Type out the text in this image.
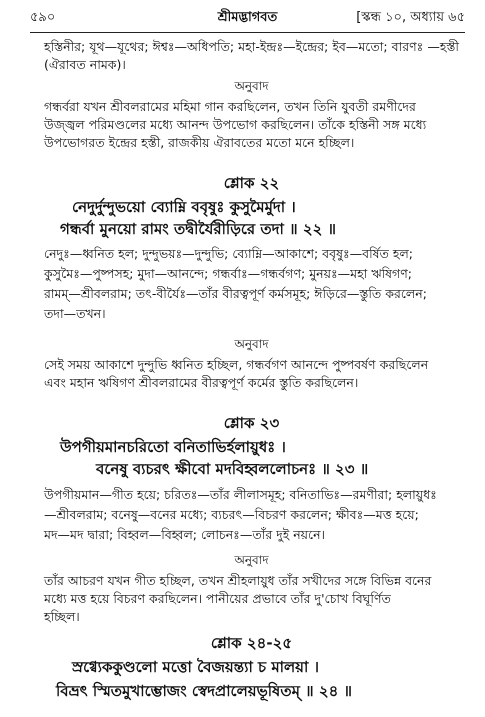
৫৯০	শ্রীমদ্ভাগবত	[স্কন্ধ ১০, অধ্যায় ৬৫

হস্তিনীর; যূথ—যূথের; ঈশ্বঃ—অধিপতি; মহা-ইন্দ্রঃ—ইন্দ্রের; ইব—মতো; বারণঃ —হস্তী (ঐরাবত নামক)।

অনুবাদ

গন্ধর্বরা যখন শ্রীবলরামের মহিমা গান করছিলেন, তখন তিনি যুবতী রমণীদের

উজ্জ্বল পরিমণ্ডলের মধ্যে আনন্দ উপভোগ করছিলেন। তাঁকে হস্তিনী সঙ্গ মধ্যে

উপভোগরত ইন্দ্রের হস্তী, রাজকীয় ঐরাবতের মতো মনে হচ্ছিল।

শ্লোক ২২

নেদুর্দুন্দুভয়ো ব্যোম্নি ববৃষুঃ কুসুমৈর্মুদা ।

গন্ধর্বা মুনয়ো রামং তদ্বীর্যৈরীড়িরে তদা ॥ ২২ ॥

নেদুঃ—ধ্বনিত হল; দুন্দুভয়ঃ—দুন্দুভি; ব্যোম্নি—আকাশে; ববৃষুঃ—বর্ষিত হল;

কুসুমৈঃ—পুষ্পসহ; মুদা—আনন্দে; গন্ধর্বাঃ—গন্ধর্বগণ; মুনয়ঃ—মহা ঋষিগণ;

রামম্—শ্রীবলরাম; তৎ-বীর্যৈঃ—তাঁর বীরত্বপূর্ণ কর্মসমূহ; ঈড়িরে—স্তুতি করলেন;

তদা—তখন।

অনুবাদ

সেই সময় আকাশে দুন্দুভি ধ্বনিত হচ্ছিল, গন্ধর্বগণ আনন্দে পুষ্পবর্ষণ করছিলেন

এবং মহান ঋষিগণ শ্রীবলরামের বীরত্বপূর্ণ কর্মের স্তুতি করছিলেন।

শ্লোক ২৩

উপগীয়মানচরিতো বনিতাভির্হলায়ুধঃ ।

বনেষু ব্যচরৎ ক্ষীবো মদবিহ্বললোচনঃ ॥ ২৩ ॥

উপগীয়মান—গীত হয়ে; চরিতঃ—তাঁর লীলাসমূহ; বনিতাভিঃ—রমণীরা; হলায়ুধঃ

—শ্রীবলরাম; বনেষু—বনের মধ্যে; ব্যচরৎ—বিচরণ করলেন; ক্ষীবঃ—মত্ত হয়ে;

মদ—মদ দ্বারা; বিহ্বল—বিহ্বল; লোচনঃ—তাঁর দুই নয়নে।

অনুবাদ

তাঁর আচরণ যখন গীত হচ্ছিল, তখন শ্রীহলায়ুধ তাঁর সখীদের সঙ্গে বিভিন্ন বনের

মধ্যে মত্ত হয়ে বিচরণ করছিলেন। পানীয়ের প্রভাবে তাঁর দু'চোখ বিঘূর্ণিত

হচ্ছিল।

শ্লোক ২৪-২৫

স্রগ্ব্যেককুণ্ডলো মত্তো বৈজয়ন্ত্যা চ মালয়া ।

বিভ্রৎ স্মিতমুখাম্ভোজং স্বেদপ্রালেয়ভূষিতম্ ॥ ২৪ ॥
